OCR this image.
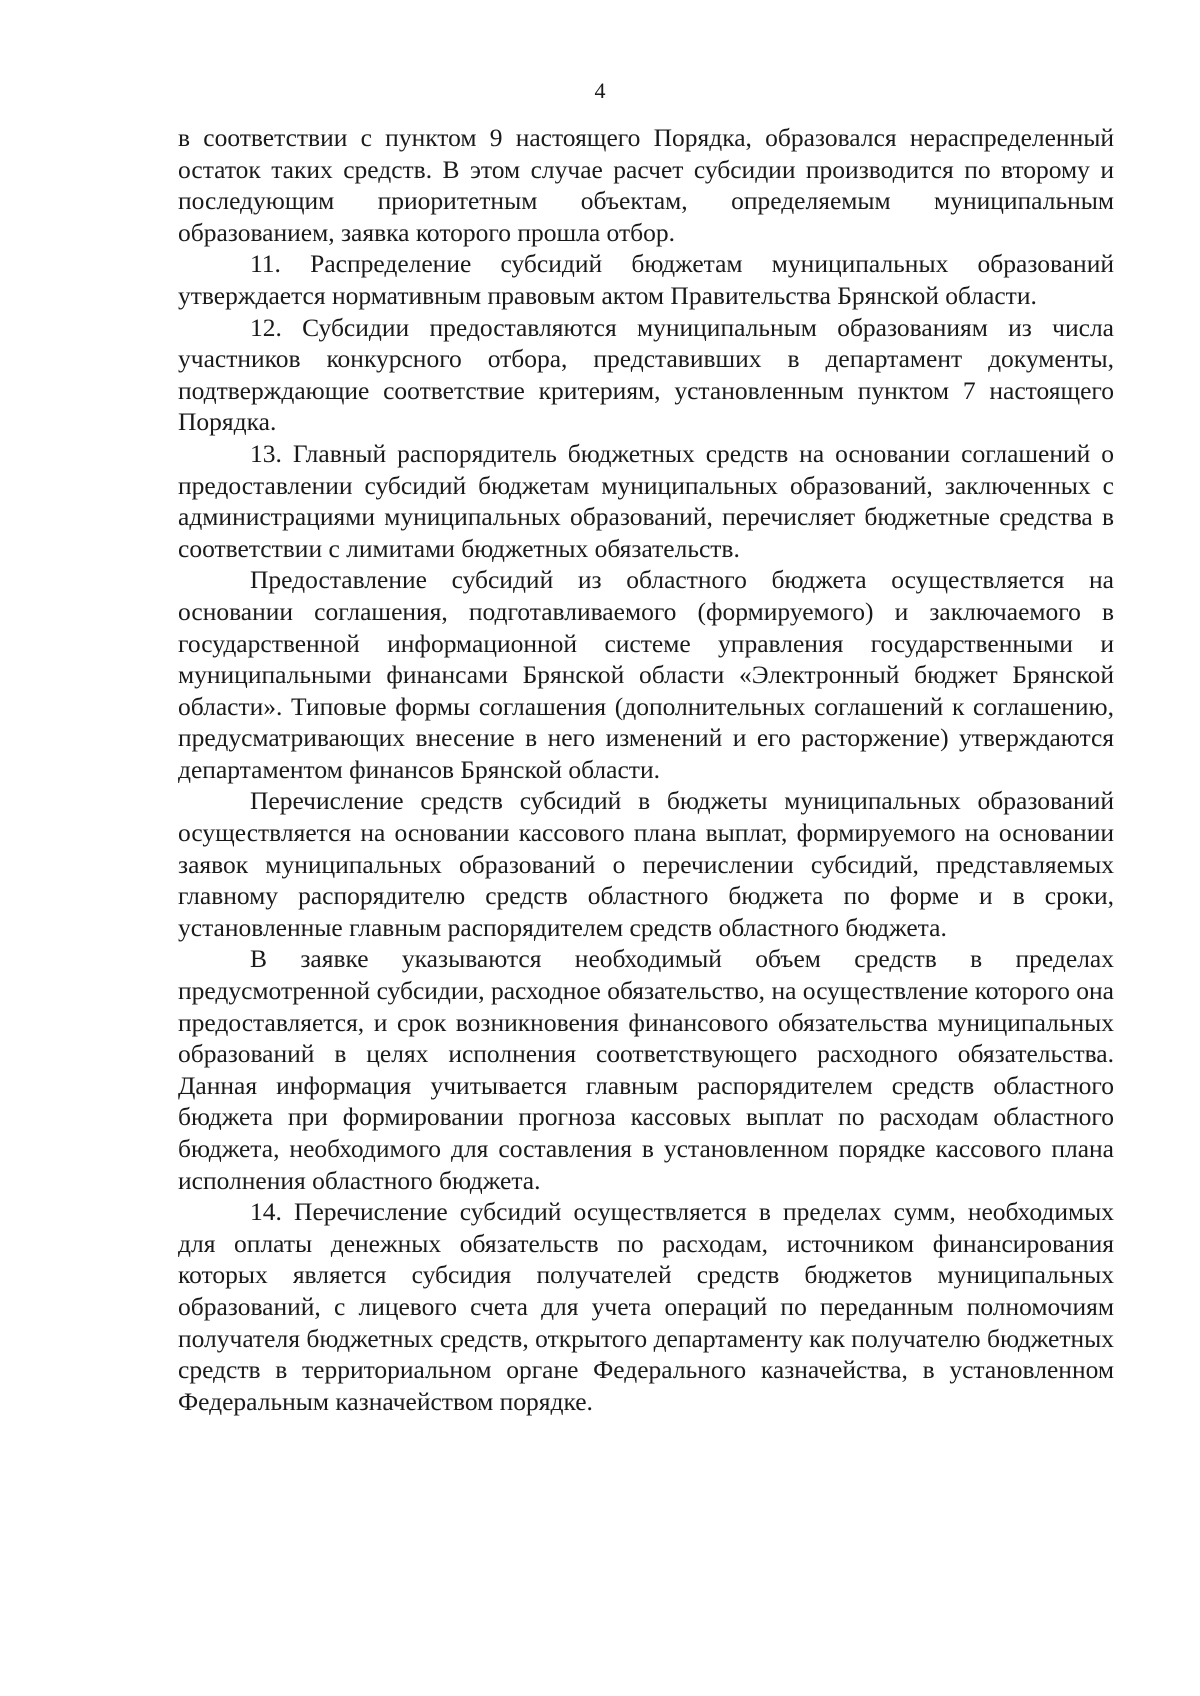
4

в соответствии с пунктом 9 настоящего Порядка, образовался нераспределенный остаток таких средств. В этом случае расчет субсидии производится по второму и последующим приоритетным объектам, определяемым муниципальным образованием, заявка которого прошла отбор.

11. Распределение субсидий бюджетам муниципальных образований утверждается нормативным правовым актом Правительства Брянской области.

12. Субсидии предоставляются муниципальным образованиям из числа участников конкурсного отбора, представивших в департамент документы, подтверждающие соответствие критериям, установленным пунктом 7 настоящего Порядка.

13. Главный распорядитель бюджетных средств на основании соглашений о предоставлении субсидий бюджетам муниципальных образований, заключенных с администрациями муниципальных образований, перечисляет бюджетные средства в соответствии с лимитами бюджетных обязательств.

Предоставление субсидий из областного бюджета осуществляется на основании соглашения, подготавливаемого (формируемого) и заключаемого в государственной информационной системе управления государственными и муниципальными финансами Брянской области «Электронный бюджет Брянской области». Типовые формы соглашения (дополнительных соглашений к соглашению, предусматривающих внесение в него изменений и его расторжение) утверждаются департаментом финансов Брянской области.

Перечисление средств субсидий в бюджеты муниципальных образований осуществляется на основании кассового плана выплат, формируемого на основании заявок муниципальных образований о перечислении субсидий, представляемых главному распорядителю средств областного бюджета по форме и в сроки, установленные главным распорядителем средств областного бюджета.

В заявке указываются необходимый объем средств в пределах предусмотренной субсидии, расходное обязательство, на осуществление которого она предоставляется, и срок возникновения финансового обязательства муниципальных образований в целях исполнения соответствующего расходного обязательства. Данная информация учитывается главным распорядителем средств областного бюджета при формировании прогноза кассовых выплат по расходам областного бюджета, необходимого для составления в установленном порядке кассового плана исполнения областного бюджета.

14. Перечисление субсидий осуществляется в пределах сумм, необходимых для оплаты денежных обязательств по расходам, источником финансирования которых является субсидия получателей средств бюджетов муниципальных образований, с лицевого счета для учета операций по переданным полномочиям получателя бюджетных средств, открытого департаменту как получателю бюджетных средств в территориальном органе Федерального казначейства, в установленном Федеральным казначейством порядке.
